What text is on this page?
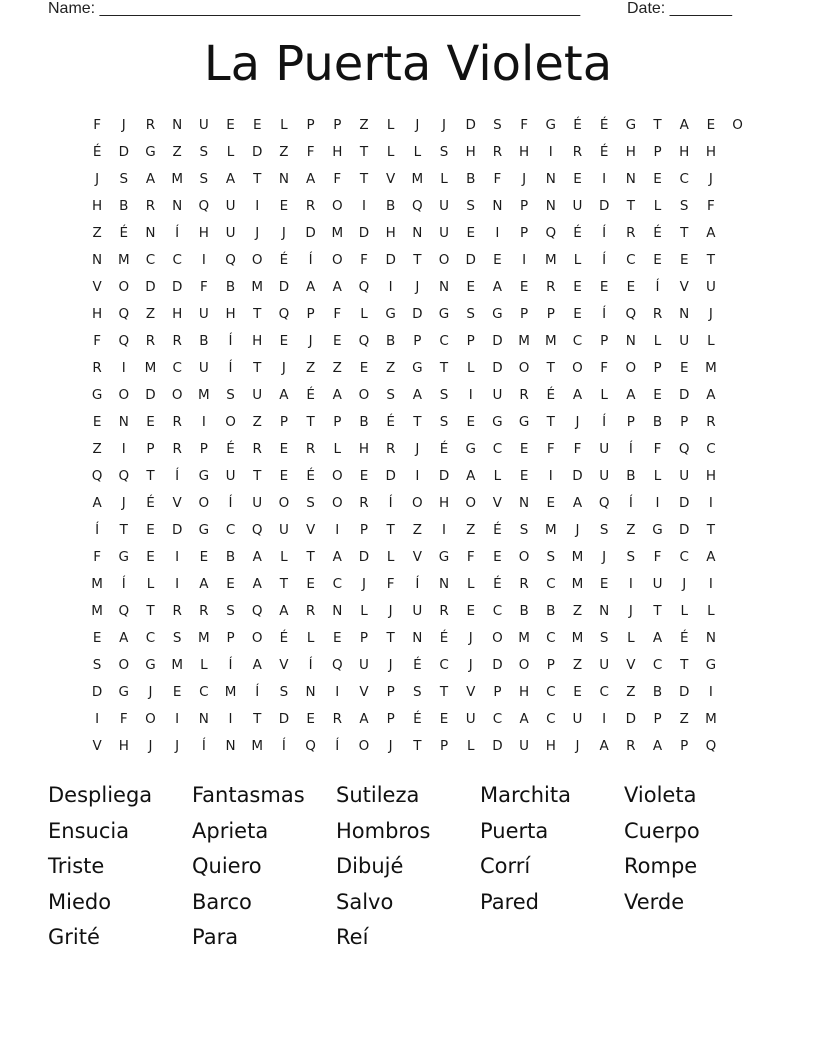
Name: ______________________________________________________	Date: _______
La Puerta Violeta
F	J	R	N	U	E	E	L	P	P	Z	L	J	J	D	S	F	G	É	É	G	T	A	E	O
É	D	G	Z	S	L	D	Z	F	H	T	L	L	S	H	R	H	I	R	É	H	P	H	H
J	S	A	M	S	A	T	N	A	F	T	V	M	L	B	F	J	N	E	I	N	E	C	J
H	B	R	N	Q	U	I	E	R	O	I	B	Q	U	S	N	P	N	U	D	T	L	S	F
Z	É	N	Í	H	U	J	J	D	M	D	H	N	U	E	I	P	Q	É	Í	R	É	T	A
N	M	C	C	I	Q	O	É	Í	O	F	D	T	O	D	E	I	M	L	Í	C	E	E	T
V	O	D	D	F	B	M	D	A	A	Q	I	J	N	E	A	E	R	E	E	E	Í	V	U
H	Q	Z	H	U	H	T	Q	P	F	L	G	D	G	S	G	P	P	E	Í	Q	R	N	J
F	Q	R	R	B	Í	H	E	J	E	Q	B	P	C	P	D	M	M	C	P	N	L	U	L
R	I	M	C	U	Í	T	J	Z	Z	E	Z	G	T	L	D	O	T	O	F	O	P	E	M
G	O	D	O	M	S	U	A	É	A	O	S	A	S	I	U	R	É	A	L	A	E	D	A
E	N	E	R	I	O	Z	P	T	P	B	É	T	S	E	G	G	T	J	Í	P	B	P	R
Z	I	P	R	P	É	R	E	R	L	H	R	J	É	G	C	E	F	F	U	Í	F	Q	C
Q	Q	T	Í	G	U	T	E	É	O	E	D	I	D	A	L	E	I	D	U	B	L	U	H
A	J	É	V	O	Í	U	O	S	O	R	Í	O	H	O	V	N	E	A	Q	Í	I	D	I
Í	T	E	D	G	C	Q	U	V	I	P	T	Z	I	Z	É	S	M	J	S	Z	G	D	T
F	G	E	I	E	B	A	L	T	A	D	L	V	G	F	E	O	S	M	J	S	F	C	A
M	Í	L	I	A	E	A	T	E	C	J	F	Í	N	L	É	R	C	M	E	I	U	J	I
M	Q	T	R	R	S	Q	A	R	N	L	J	U	R	E	C	B	B	Z	N	J	T	L	L
E	A	C	S	M	P	O	É	L	E	P	T	N	É	J	O	M	C	M	S	L	A	É	N
S	O	G	M	L	Í	A	V	Í	Q	U	J	É	C	J	D	O	P	Z	U	V	C	T	G
D	G	J	E	C	M	Í	S	N	I	V	P	S	T	V	P	H	C	E	C	Z	B	D	I
I	F	O	I	N	I	T	D	E	R	A	P	É	E	U	C	A	C	U	I	D	P	Z	M
V	H	J	J	Í	N	M	Í	Q	Í	O	J	T	P	L	D	U	H	J	A	R	A	P	Q
Despliega	Fantasmas	Sutileza	Marchita	Violeta
Ensucia	Aprieta	Hombros	Puerta	Cuerpo
Triste	Quiero	Dibujé	Corrí	Rompe
Miedo	Barco	Salvo	Pared	Verde
Grité	Para	Reí
